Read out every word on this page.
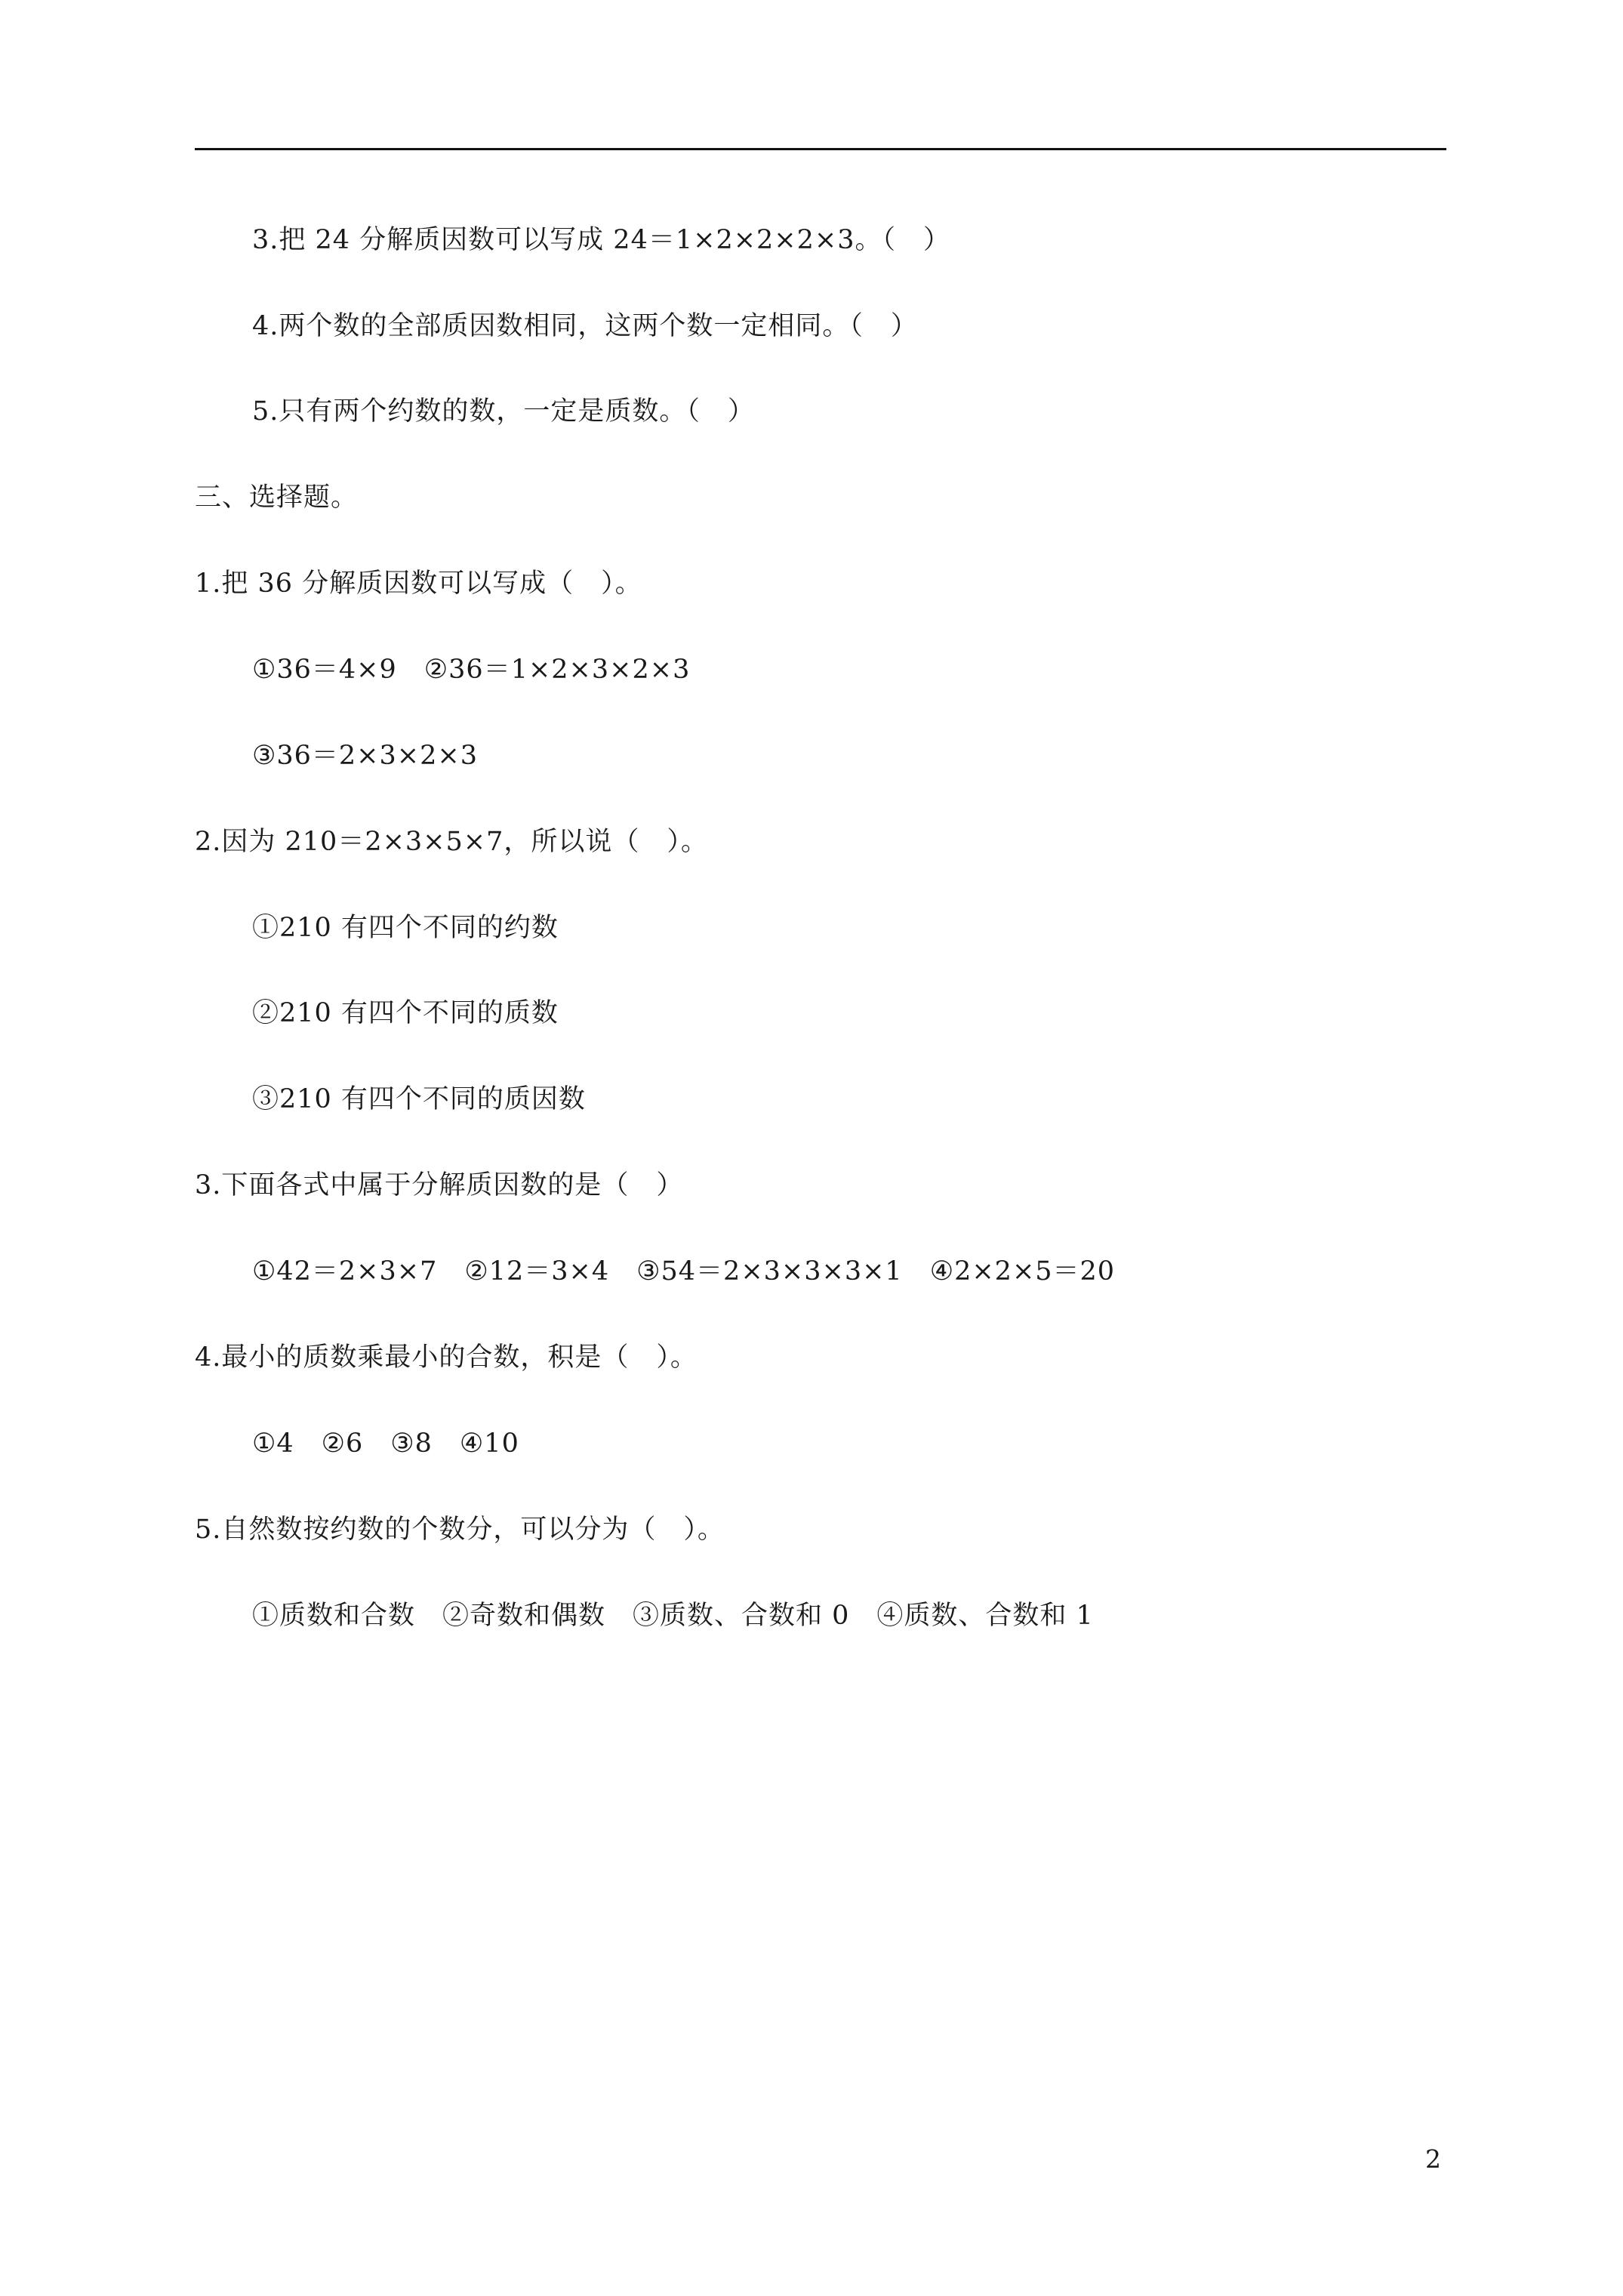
3.把 24 分解质因数可以写成 24＝1×2×2×2×3。（　）
4.两个数的全部质因数相同，这两个数一定相同。（　）
5.只有两个约数的数，一定是质数。（　）
三、选择题。
1.把 36 分解质因数可以写成（　）。
①36＝4×9　②36＝1×2×3×2×3
③36＝2×3×2×3
2.因为 210＝2×3×5×7，所以说（　）。
①210 有四个不同的约数
②210 有四个不同的质数
③210 有四个不同的质因数
3.下面各式中属于分解质因数的是（　）
①42＝2×3×7　②12＝3×4　③54＝2×3×3×3×1　④2×2×5＝20
4.最小的质数乘最小的合数，积是（　）。
①4　②6　③8　④10
5.自然数按约数的个数分，可以分为（　）。
①质数和合数　②奇数和偶数　③质数、合数和 0　④质数、合数和 1
2
